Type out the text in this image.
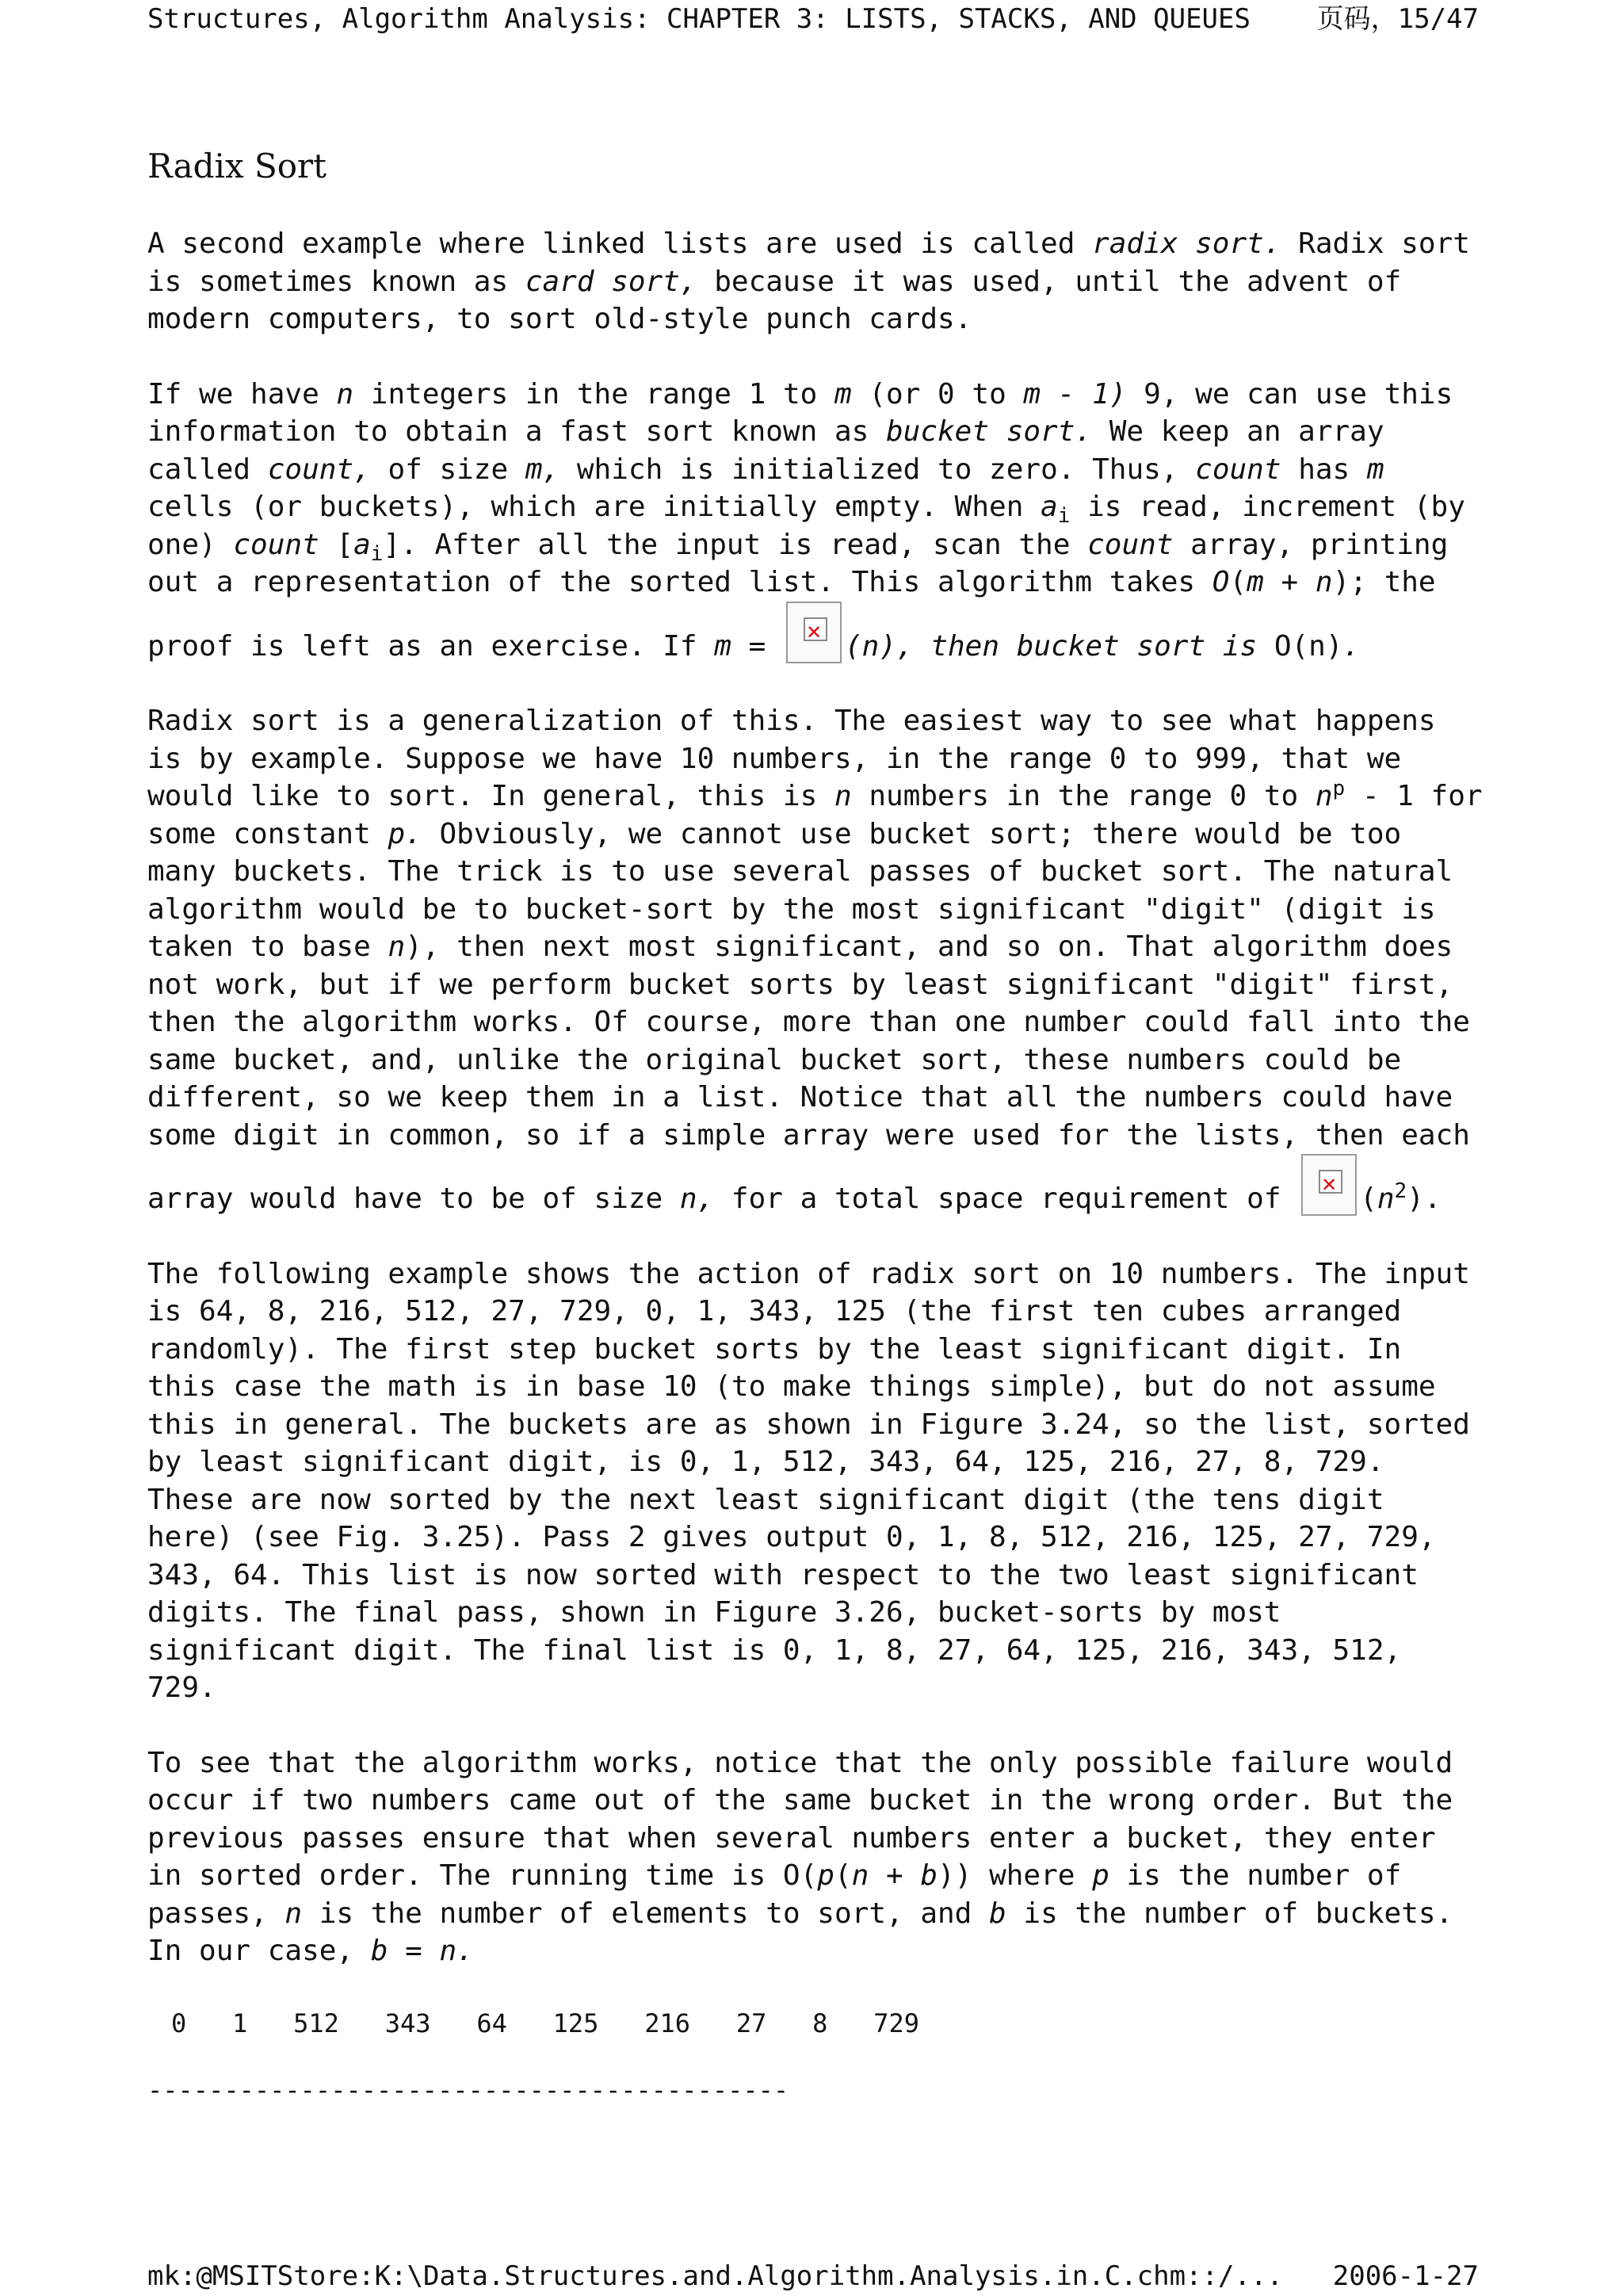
Structures, Algorithm Analysis: CHAPTER 3: LISTS, STACKS, AND QUEUES 页码，15/47
Radix Sort

A second example where linked lists are used is called radix sort. Radix sort is sometimes known as card sort, because it was used, until the advent of modern computers, to sort old-style punch cards.

If we have n integers in the range 1 to m (or 0 to m - 1) 9, we can use this information to obtain a fast sort known as bucket sort. We keep an array called count, of size m, which is initialized to zero. Thus, count has m cells (or buckets), which are initially empty. When $a_i$ is read, increment (by one) count $[a_i]$. After all the input is read, scan the count array, printing out a representation of the sorted list. This algorithm takes O(m + n); the proof is left as an exercise. If m = ✕(n), then bucket sort is O(n).

Radix sort is a generalization of this. The easiest way to see what happens is by example. Suppose we have 10 numbers, in the range 0 to 999, that we would like to sort. In general, this is n numbers in the range 0 to $n^p - 1$ for some constant p. Obviously, we cannot use bucket sort; there would be too many buckets. The trick is to use several passes of bucket sort. The natural algorithm would be to bucket-sort by the most significant "digit" (digit is taken to base n), then next most significant, and so on. That algorithm does not work, but if we perform bucket sorts by least significant "digit" first, then the algorithm works. Of course, more than one number could fall into the same bucket, and, unlike the original bucket sort, these numbers could be different, so we keep them in a list. Notice that all the numbers could have some digit in common, so if a simple array were used for the lists, then each array would have to be of size n, for a total space requirement of $✕(n^2)$.

The following example shows the action of radix sort on 10 numbers. The input is 64, 8, 216, 512, 27, 729, 0, 1, 343, 125 (the first ten cubes arranged randomly). The first step bucket sorts by the least significant digit. In this case the math is in base 10 (to make things simple), but do not assume this in general. The buckets are as shown in Figure 3.24, so the list, sorted by least significant digit, is 0, 1, 512, 343, 64, 125, 216, 27, 8, 729. These are now sorted by the next least significant digit (the tens digit here) (see Fig. 3.25). Pass 2 gives output 0, 1, 8, 512, 216, 125, 27, 729, 343, 64. This list is now sorted with respect to the two least significant digits. The final pass, shown in Figure 3.26, bucket-sorts by most significant digit. The final list is 0, 1, 8, 27, 64, 125, 216, 343, 512, 729.

To see that the algorithm works, notice that the only possible failure would occur if two numbers came out of the same bucket in the wrong order. But the previous passes ensure that when several numbers enter a bucket, they enter in sorted order. The running time is O(p(n + b)) where p is the number of passes, n is the number of elements to sort, and b is the number of buckets. In our case, b = n.

0   1   512   343   64   125   216   27   8   729
------------------------------------------
mk:@MSITStore:K:\Data.Structures.and.Algorithm.Analysis.in.C.chm::/... 2006-1-27
